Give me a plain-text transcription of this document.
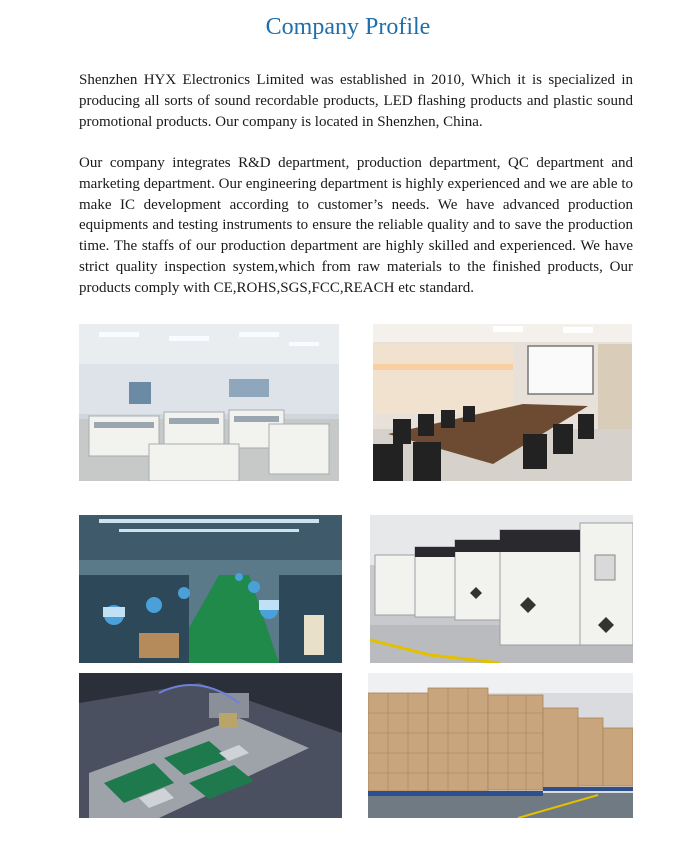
Company Profile

Shenzhen HYX Electronics Limited was established in 2010, Which it is specialized in producing all sorts of sound recordable products, LED flashing products and plastic sound promotional products. Our company is located in Shenzhen, China.

Our company integrates R&D department, production department, QC department and marketing department. Our engineering department is highly experienced and we are able to make IC development according to customer’s needs. We have advanced production equipments and testing instruments to ensure the reliable quality and to save the production time. The staffs of our production department are highly skilled and experienced. We have strict quality inspection system,which from raw materials to the finished products, Our products comply with CE,ROHS,SGS,FCC,REACH etc standard.
